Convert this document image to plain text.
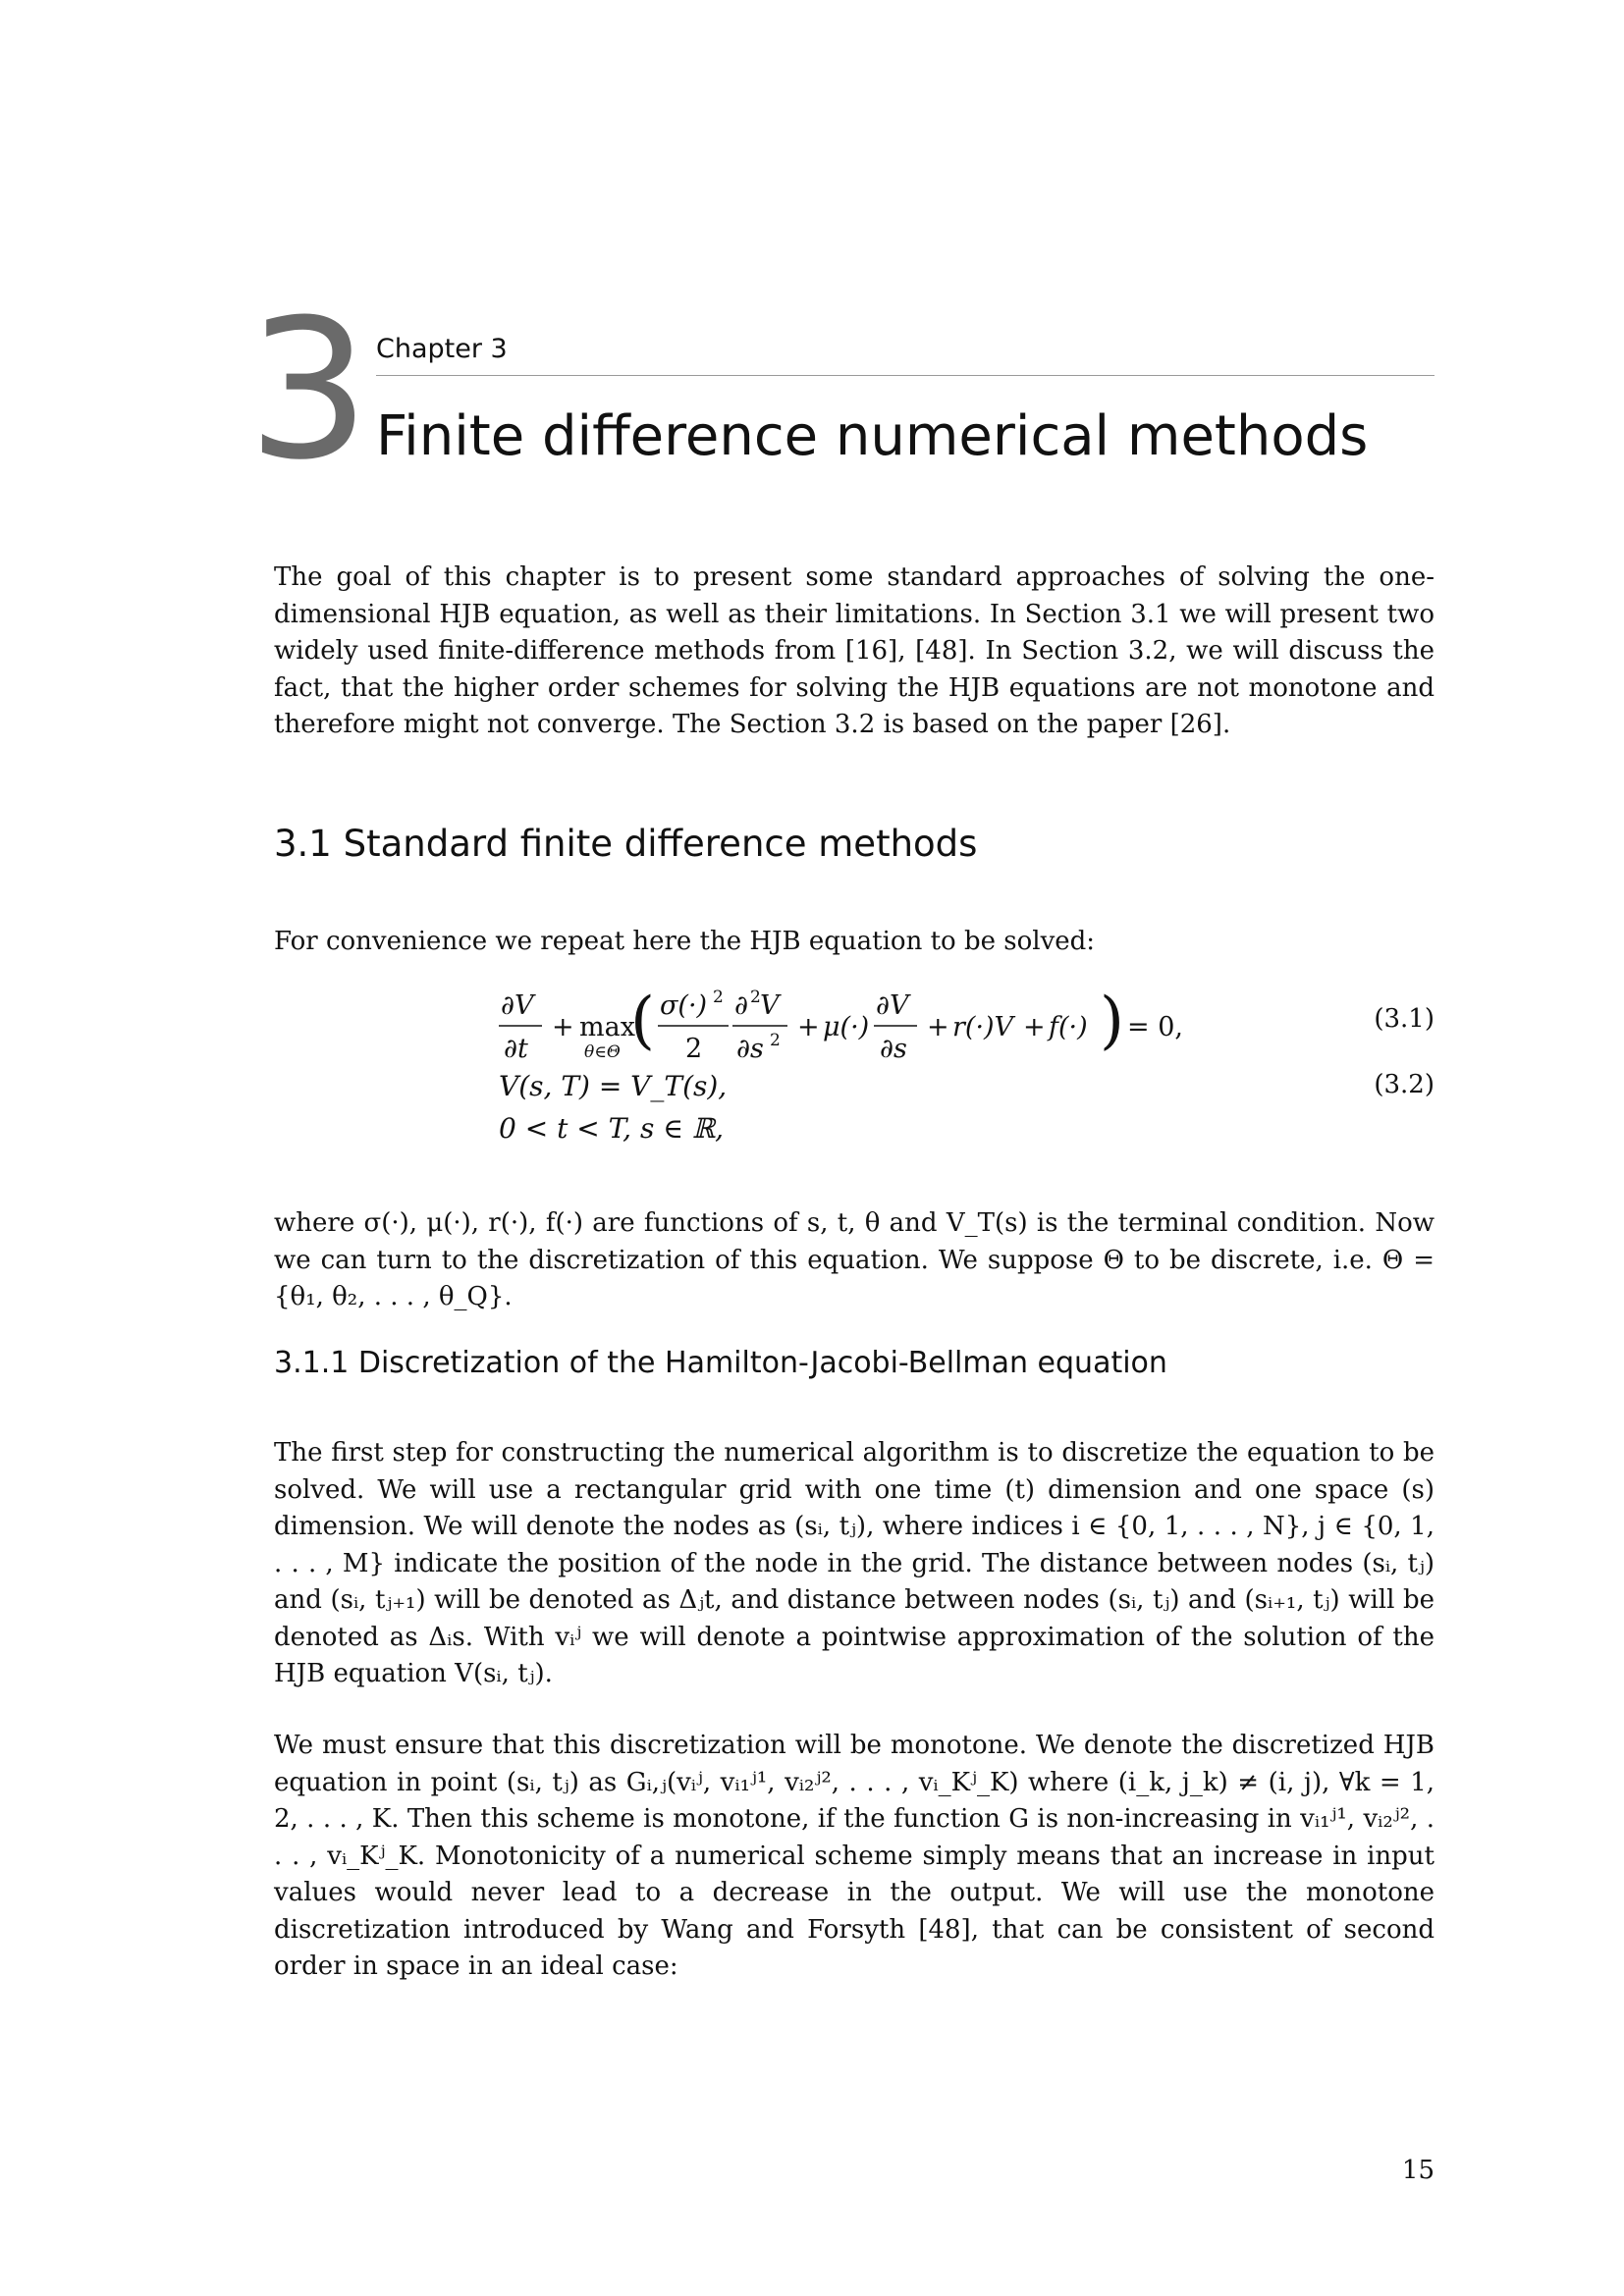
3 Chapter 3
Finite difference numerical methods

The goal of this chapter is to present some standard approaches of solving the one-dimensional HJB equation, as well as their limitations. In Section 3.1 we will present two widely used finite-difference methods from [16], [48]. In Section 3.2, we will discuss the fact, that the higher order schemes for solving the HJB equations are not monotone and therefore might not converge. The Section 3.2 is based on the paper [26].

3.1 Standard finite difference methods

For convenience we repeat here the HJB equation to be solved:

∂V
∂t
+ max
θ∈Θ ( σ(·) 2
2
∂ 2 V
∂s 2 + μ(·)
∂V
∂s
+ r(·)V + f(·) ) = 0,	(3.1)
V(s, T) = V_T(s),	(3.2)
0 < t < T, s ∈ ℝ,

where σ(·), μ(·), r(·), f(·) are functions of s, t, θ and V_T(s) is the terminal condition. Now we can turn to the discretization of this equation. We suppose Θ to be discrete, i.e. Θ = {θ₁, θ₂, . . . , θ_Q}.

3.1.1 Discretization of the Hamilton-Jacobi-Bellman equation

The first step for constructing the numerical algorithm is to discretize the equation to be solved. We will use a rectangular grid with one time (t) dimension and one space (s) dimension. We will denote the nodes as (sᵢ, tⱼ), where indices i ∈ {0, 1, . . . , N}, j ∈ {0, 1, . . . , M} indicate the position of the node in the grid. The distance between nodes (sᵢ, tⱼ) and (sᵢ, tⱼ₊₁) will be denoted as Δⱼt, and distance between nodes (sᵢ, tⱼ) and (sᵢ₊₁, tⱼ) will be denoted as Δᵢs. With vᵢʲ we will denote a pointwise approximation of the solution of the HJB equation V(sᵢ, tⱼ).

We must ensure that this discretization will be monotone. We denote the discretized HJB equation in point (sᵢ, tⱼ) as Gᵢ,ⱼ(vᵢʲ, vᵢ₁ʲ¹, vᵢ₂ʲ², . . . , vᵢ_Kʲ_K) where (i_k, j_k) ≠ (i, j), ∀k = 1, 2, . . . , K. Then this scheme is monotone, if the function G is non-increasing in vᵢ₁ʲ¹, vᵢ₂ʲ², . . . , vᵢ_Kʲ_K. Monotonicity of a numerical scheme simply means that an increase in input values would never lead to a decrease in the output. We will use the monotone discretization introduced by Wang and Forsyth [48], that can be consistent of second order in space in an ideal case:

15
